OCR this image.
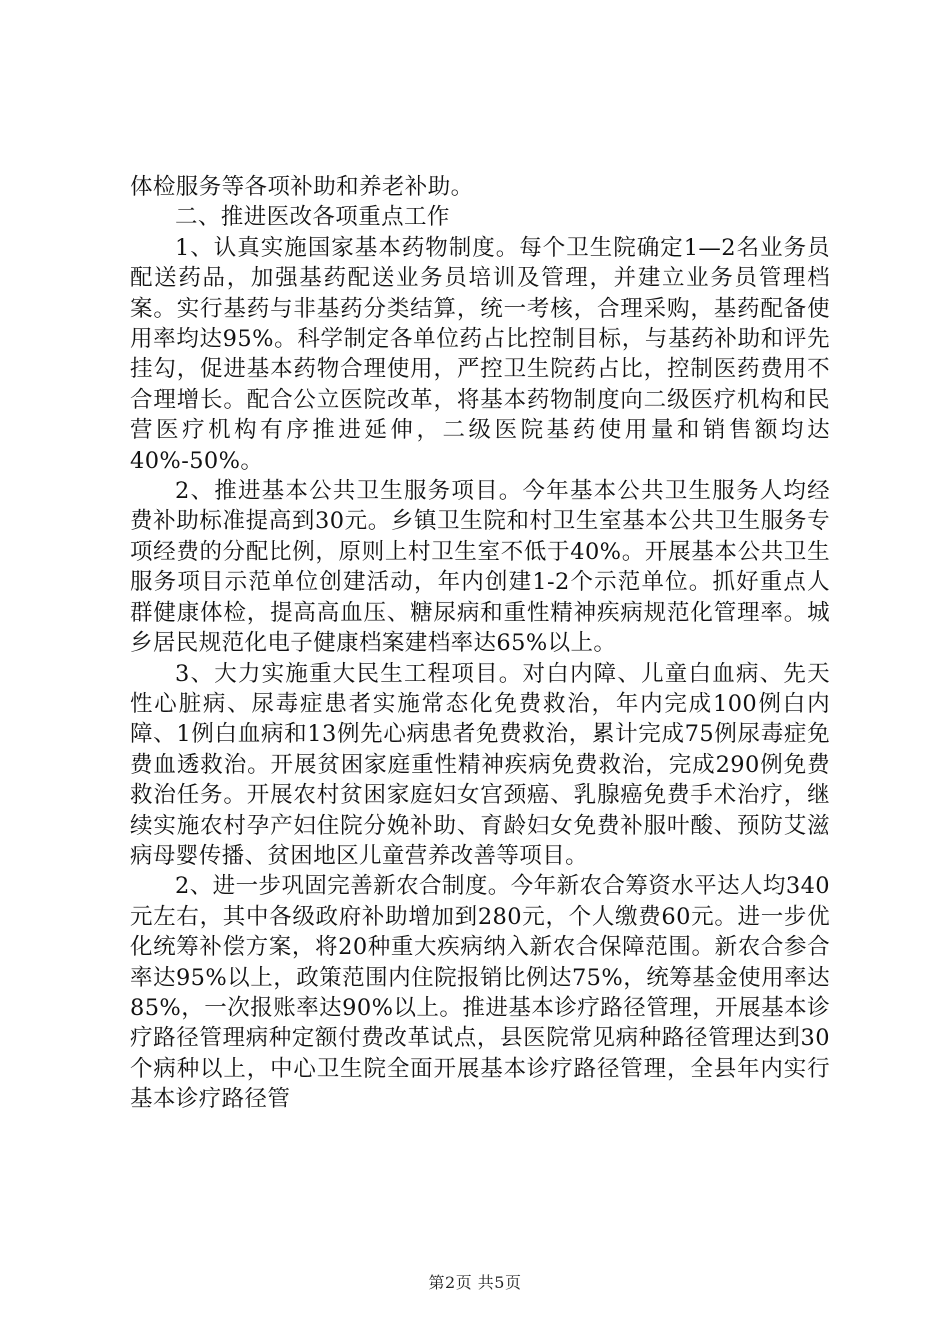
体检服务等各项补助和养老补助。

二、推进医改各项重点工作

1、认真实施国家基本药物制度。每个卫生院确定1—2名业务员配送药品，加强基药配送业务员培训及管理，并建立业务员管理档案。实行基药与非基药分类结算，统一考核，合理采购，基药配备使用率均达95%。科学制定各单位药占比控制目标，与基药补助和评先挂勾，促进基本药物合理使用，严控卫生院药占比，控制医药费用不合理增长。配合公立医院改革，将基本药物制度向二级医疗机构和民营医疗机构有序推进延伸，二级医院基药使用量和销售额均达40%-50%。

2、推进基本公共卫生服务项目。今年基本公共卫生服务人均经费补助标准提高到30元。乡镇卫生院和村卫生室基本公共卫生服务专项经费的分配比例，原则上村卫生室不低于40%。开展基本公共卫生服务项目示范单位创建活动，年内创建1-2个示范单位。抓好重点人群健康体检，提高高血压、糖尿病和重性精神疾病规范化管理率。城乡居民规范化电子健康档案建档率达65%以上。

3、大力实施重大民生工程项目。对白内障、儿童白血病、先天性心脏病、尿毒症患者实施常态化免费救治，年内完成100例白内障、1例白血病和13例先心病患者免费救治，累计完成75例尿毒症免费血透救治。开展贫困家庭重性精神疾病免费救治，完成290例免费救治任务。开展农村贫困家庭妇女宫颈癌、乳腺癌免费手术治疗，继续实施农村孕产妇住院分娩补助、育龄妇女免费补服叶酸、预防艾滋病母婴传播、贫困地区儿童营养改善等项目。

2、进一步巩固完善新农合制度。今年新农合筹资水平达人均340元左右，其中各级政府补助增加到280元，个人缴费60元。进一步优化统筹补偿方案，将20种重大疾病纳入新农合保障范围。新农合参合率达95%以上，政策范围内住院报销比例达75%，统筹基金使用率达85%，一次报账率达90%以上。推进基本诊疗路径管理，开展基本诊疗路径管理病种定额付费改革试点，县医院常见病种路径管理达到30个病种以上，中心卫生院全面开展基本诊疗路径管理，全县年内实行基本诊疗路径管

第2页 共5页
